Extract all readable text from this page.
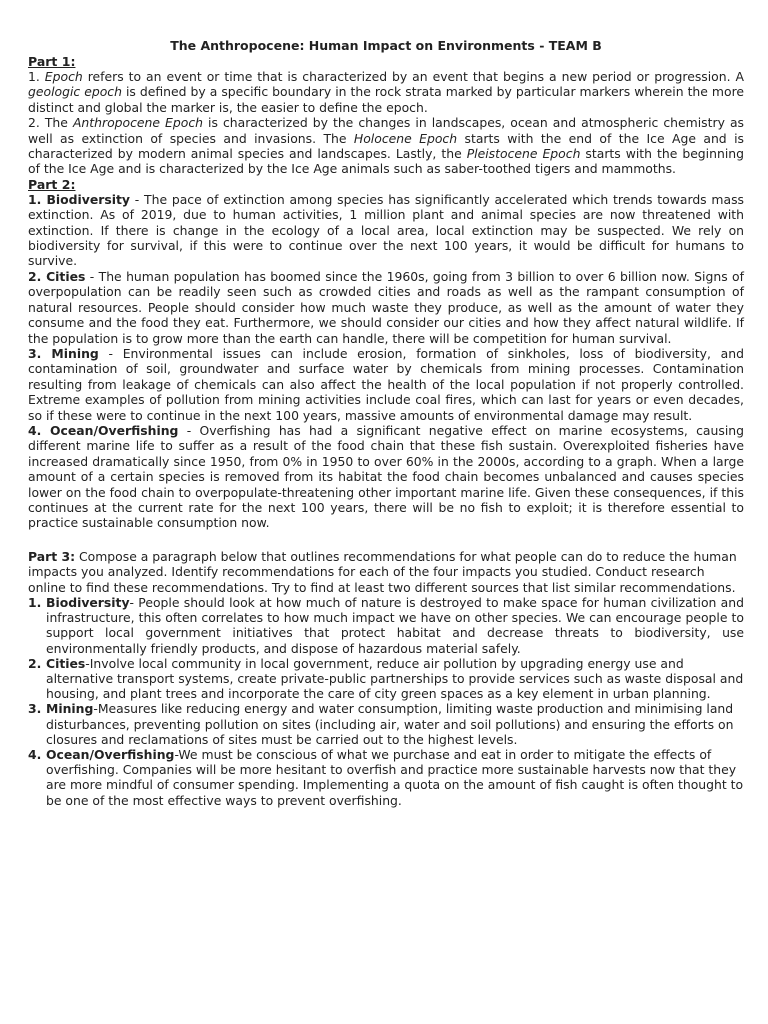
The Anthropocene: Human Impact on Environments - TEAM B
Part 1:

1. Epoch refers to an event or time that is characterized by an event that begins a new period or progression. A geologic epoch is defined by a specific boundary in the rock strata marked by particular markers wherein the more distinct and global the marker is, the easier to define the epoch.

2. The Anthropocene Epoch is characterized by the changes in landscapes, ocean and atmospheric chemistry as well as extinction of species and invasions. The Holocene Epoch starts with the end of the Ice Age and is characterized by modern animal species and landscapes. Lastly, the Pleistocene Epoch starts with the beginning of the Ice Age and is characterized by the Ice Age animals such as saber-toothed tigers and mammoths.

Part 2:

1. Biodiversity - The pace of extinction among species has significantly accelerated which trends towards mass extinction. As of 2019, due to human activities, 1 million plant and animal species are now threatened with extinction. If there is change in the ecology of a local area, local extinction may be suspected. We rely on biodiversity for survival, if this were to continue over the next 100 years, it would be difficult for humans to survive.

2. Cities - The human population has boomed since the 1960s, going from 3 billion to over 6 billion now. Signs of overpopulation can be readily seen such as crowded cities and roads as well as the rampant consumption of natural resources. People should consider how much waste they produce, as well as the amount of water they consume and the food they eat. Furthermore, we should consider our cities and how they affect natural wildlife. If the population is to grow more than the earth can handle, there will be competition for human survival.

3. Mining - Environmental issues can include erosion, formation of sinkholes, loss of biodiversity, and contamination of soil, groundwater and surface water by chemicals from mining processes. Contamination resulting from leakage of chemicals can also affect the health of the local population if not properly controlled. Extreme examples of pollution from mining activities include coal fires, which can last for years or even decades, so if these were to continue in the next 100 years, massive amounts of environmental damage may result.

4. Ocean/Overfishing - Overfishing has had a significant negative effect on marine ecosystems, causing different marine life to suffer as a result of the food chain that these fish sustain. Overexploited fisheries have increased dramatically since 1950, from 0% in 1950 to over 60% in the 2000s, according to a graph. When a large amount of a certain species is removed from its habitat the food chain becomes unbalanced and causes species lower on the food chain to overpopulate-threatening other important marine life. Given these consequences, if this continues at the current rate for the next 100 years, there will be no fish to exploit; it is therefore essential to practice sustainable consumption now.

Part 3: Compose a paragraph below that outlines recommendations for what people can do to reduce the human impacts you analyzed. Identify recommendations for each of the four impacts you studied. Conduct research online to find these recommendations. Try to find at least two different sources that list similar recommendations.

1. Biodiversity- People should look at how much of nature is destroyed to make space for human civilization and infrastructure, this often correlates to how much impact we have on other species. We can encourage people to support local government initiatives that protect habitat and decrease threats to biodiversity, use environmentally friendly products, and dispose of hazardous material safely.
2. Cities-Involve local community in local government, reduce air pollution by upgrading energy use and alternative transport systems, create private-public partnerships to provide services such as waste disposal and housing, and plant trees and incorporate the care of city green spaces as a key element in urban planning.
3. Mining-Measures like reducing energy and water consumption, limiting waste production and minimising land disturbances, preventing pollution on sites (including air, water and soil pollutions) and ensuring the efforts on closures and reclamations of sites must be carried out to the highest levels.
4. Ocean/Overfishing-We must be conscious of what we purchase and eat in order to mitigate the effects of overfishing. Companies will be more hesitant to overfish and practice more sustainable harvests now that they are more mindful of consumer spending. Implementing a quota on the amount of fish caught is often thought to be one of the most effective ways to prevent overfishing.
